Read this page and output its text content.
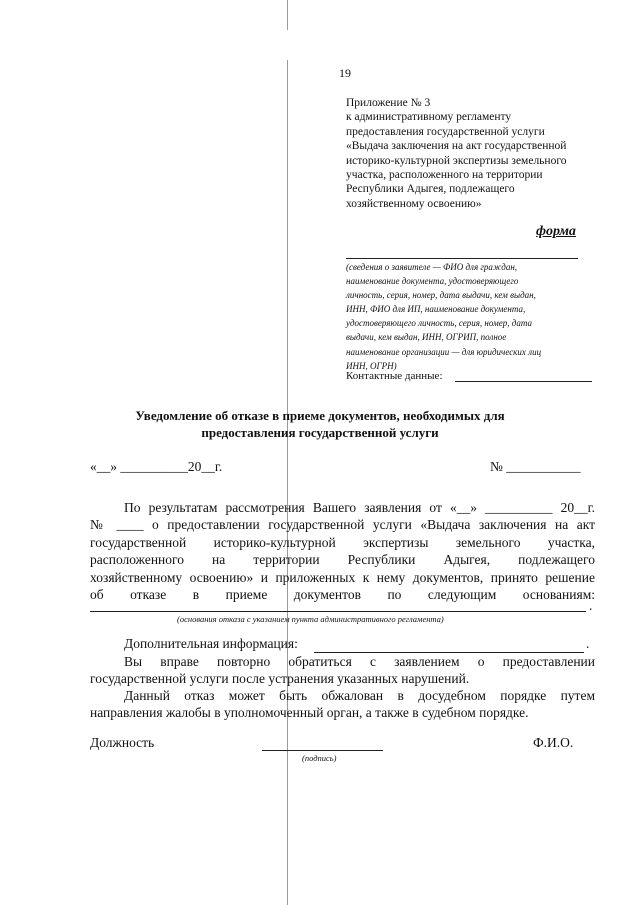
19
Приложение № 3
к административному регламенту
предоставления государственной услуги
«Выдача заключения на акт государственной
историко-культурной экспертизы земельного
участка, расположенного на территории
Республики Адыгея, подлежащего
хозяйственному освоению»
форма
(сведения о заявителе — ФИО для граждан,
наименование документа, удостоверяющего
личность, серия, номер, дата выдачи, кем выдан,
ИНН, ФИО для ИП, наименование документа,
удостоверяющего личность, серия, номер, дата
выдачи, кем выдан, ИНН, ОГРИП, полное
наименование организации — для юридических лиц
ИНН, ОГРН)
Контактные данные:
Уведомление об отказе в приеме документов, необходимых для
предоставления государственной услуги
«__» __________20__г.	№ ___________
По результатам рассмотрения Вашего заявления от «__» __________ 20__г.
№ ____ о предоставлении государственной услуги «Выдача заключения на акт
государственной историко-культурной экспертизы земельного участка,
расположенного на территории Республики Адыгея, подлежащего
хозяйственному освоению» и приложенных к нему документов, принято решение
об отказе в приеме документов по следующим основаниям:
.
(основания отказа с указанием пункта административного регламента)
Дополнительная информация:	.
Вы вправе повторно обратиться с заявлением о предоставлении
государственной услуги после устранения указанных нарушений.
Данный отказ может быть обжалован в досудебном порядке путем
направления жалобы в уполномоченный орган, а также в судебном порядке.
Должность
(подпись)
Ф.И.О.
